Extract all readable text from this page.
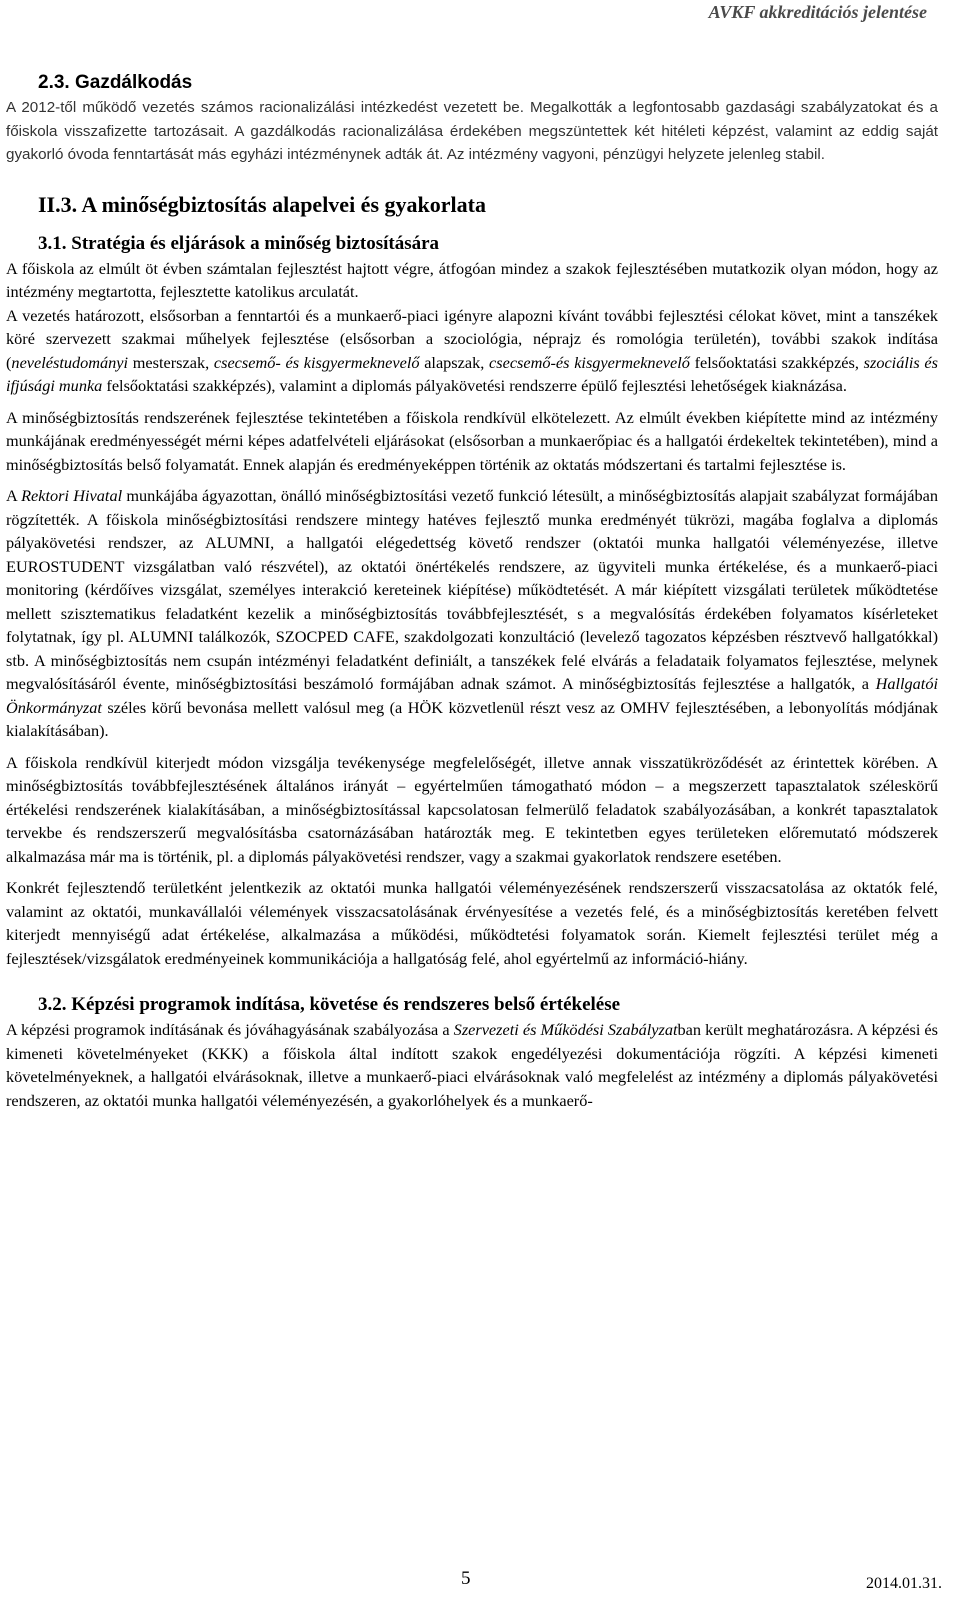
AVKF akkreditációs jelentése
2.3. Gazdálkodás

A 2012-től működő vezetés számos racionalizálási intézkedést vezetett be. Megalkották a legfontosabb gazdasági szabályzatokat és a főiskola visszafizette tartozásait. A gazdálkodás racionalizálása érdekében megszüntettek két hitéleti képzést, valamint az eddig saját gyakorló óvoda fenntartását más egyházi intézménynek adták át. Az intézmény vagyoni, pénzügyi helyzete jelenleg stabil.

II.3. A minőségbiztosítás alapelvei és gyakorlata
3.1. Stratégia és eljárások a minőség biztosítására

A főiskola az elmúlt öt évben számtalan fejlesztést hajtott végre, átfogóan mindez a szakok fejlesztésében mutatkozik olyan módon, hogy az intézmény megtartotta, fejlesztette katolikus arculatát.

A vezetés határozott, elsősorban a fenntartói és a munkaerő-piaci igényre alapozni kívánt további fejlesztési célokat követ, mint a tanszékek köré szervezett szakmai műhelyek fejlesztése (elsősorban a szociológia, néprajz és romológia területén), további szakok indítása (neveléstudományi mesterszak, csecsemő- és kisgyermeknevelő alapszak, csecsemő-és kisgyermeknevelő felsőoktatási szakképzés, szociális és ifjúsági munka felsőoktatási szakképzés), valamint a diplomás pályakövetési rendszerre épülő fejlesztési lehetőségek kiaknázása.

A minőségbiztosítás rendszerének fejlesztése tekintetében a főiskola rendkívül elkötelezett. Az elmúlt években kiépítette mind az intézmény munkájának eredményességét mérni képes adatfelvételi eljárásokat (elsősorban a munkaerőpiac és a hallgatói érdekeltek tekintetében), mind a minőségbiztosítás belső folyamatát. Ennek alapján és eredményeképpen történik az oktatás módszertani és tartalmi fejlesztése is.

A Rektori Hivatal munkájába ágyazottan, önálló minőségbiztosítási vezető funkció létesült, a minőségbiztosítás alapjait szabályzat formájában rögzítették. A főiskola minőségbiztosítási rendszere mintegy hatéves fejlesztő munka eredményét tükrözi, magába foglalva a diplomás pályakövetési rendszer, az ALUMNI, a hallgatói elégedettség követő rendszer (oktatói munka hallgatói véleményezése, illetve EUROSTUDENT vizsgálatban való részvétel), az oktatói önértékelés rendszere, az ügyviteli munka értékelése, és a munkaerő-piaci monitoring (kérdőíves vizsgálat, személyes interakció kereteinek kiépítése) működtetését. A már kiépített vizsgálati területek működtetése mellett szisztematikus feladatként kezelik a minőségbiztosítás továbbfejlesztését, s a megvalósítás érdekében folyamatos kísérleteket folytatnak, így pl. ALUMNI találkozók, SZOCPED CAFE, szakdolgozati konzultáció (levelező tagozatos képzésben résztvevő hallgatókkal) stb. A minőségbiztosítás nem csupán intézményi feladatként definiált, a tanszékek felé elvárás a feladataik folyamatos fejlesztése, melynek megvalósításáról évente, minőségbiztosítási beszámoló formájában adnak számot. A minőségbiztosítás fejlesztése a hallgatók, a Hallgatói Önkormányzat széles körű bevonása mellett valósul meg (a HÖK közvetlenül részt vesz az OMHV fejlesztésében, a lebonyolítás módjának kialakításában).

A főiskola rendkívül kiterjedt módon vizsgálja tevékenysége megfelelőségét, illetve annak visszatükröződését az érintettek körében. A minőségbiztosítás továbbfejlesztésének általános irányát – egyértelműen támogatható módon – a megszerzett tapasztalatok széleskörű értékelési rendszerének kialakításában, a minőségbiztosítással kapcsolatosan felmerülő feladatok szabályozásában, a konkrét tapasztalatok tervekbe és rendszerszerű megvalósításba csatornázásában határozták meg. E tekintetben egyes területeken előremutató módszerek alkalmazása már ma is történik, pl. a diplomás pályakövetési rendszer, vagy a szakmai gyakorlatok rendszere esetében.

Konkrét fejlesztendő területként jelentkezik az oktatói munka hallgatói véleményezésének rendszerszerű visszacsatolása az oktatók felé, valamint az oktatói, munkavállalói vélemények visszacsatolásának érvényesítése a vezetés felé, és a minőségbiztosítás keretében felvett kiterjedt mennyiségű adat értékelése, alkalmazása a működési, működtetési folyamatok során. Kiemelt fejlesztési terület még a fejlesztések/vizsgálatok eredményeinek kommunikációja a hallgatóság felé, ahol egyértelmű az információ-hiány.

3.2. Képzési programok indítása, követése és rendszeres belső értékelése

A képzési programok indításának és jóváhagyásának szabályozása a Szervezeti és Működési Szabályzatban került meghatározásra. A képzési és kimeneti követelményeket (KKK) a főiskola által indított szakok engedélyezési dokumentációja rögzíti. A képzési kimeneti követelményeknek, a hallgatói elvárásoknak, illetve a munkaerő-piaci elvárásoknak való megfelelést az intézmény a diplomás pályakövetési rendszeren, az oktatói munka hallgatói véleményezésén, a gyakorlóhelyek és a munkaerő-

5	2014.01.31.
